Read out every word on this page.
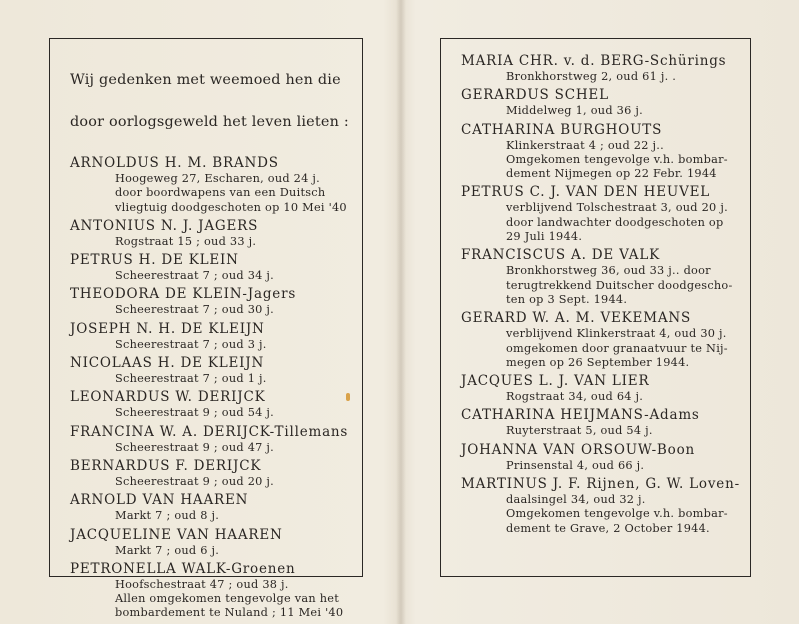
Wij gedenken met weemoed hen die

door oorlogsgeweld het leven lieten :

ARNOLDUS H. M. BRANDS
Hoogeweg 27, Escharen, oud 24 j.
door boordwapens van een Duitsch
vliegtuig doodgeschoten op 10 Mei '40
ANTONIUS N. J. JAGERS
Rogstraat 15 ; oud 33 j.
PETRUS H. DE KLEIN
Scheerestraat 7 ; oud 34 j.
THEODORA DE KLEIN-Jagers
Scheerestraat 7 ; oud 30 j.
JOSEPH N. H. DE KLEIJN
Scheerestraat 7 ; oud 3 j.
NICOLAAS H. DE KLEIJN
Scheerestraat 7 ; oud 1 j.
LEONARDUS W. DERIJCK
Scheerestraat 9 ; oud 54 j.
FRANCINA W. A. DERIJCK-Tillemans
Scheerestraat 9 ; oud 47 j.
BERNARDUS F. DERIJCK
Scheerestraat 9 ; oud 20 j.
ARNOLD VAN HAAREN
Markt 7 ; oud 8 j.
JACQUELINE VAN HAAREN
Markt 7 ; oud 6 j.
PETRONELLA WALK-Groenen
Hoofschestraat 47 ; oud 38 j.
Allen omgekomen tengevolge van het
bombardement te Nuland ; 11 Mei '40
MARIA CHR. v. d. BERG-Schürings
Bronkhorstweg 2, oud 61 j. .
GERARDUS SCHEL
Middelweg 1, oud 36 j.
CATHARINA BURGHOUTS
Klinkerstraat 4 ; oud 22 j..
Omgekomen tengevolge v.h. bombar-
dement Nijmegen op 22 Febr. 1944
PETRUS C. J. VAN DEN HEUVEL
verblijvend Tolschestraat 3, oud 20 j.
door landwachter doodgeschoten op
29 Juli 1944.
FRANCISCUS A. DE VALK
Bronkhorstweg 36, oud 33 j.. door
terugtrekkend Duitscher doodgescho-
ten op 3 Sept. 1944.
GERARD W. A. M. VEKEMANS
verblijvend Klinkerstraat 4, oud 30 j.
omgekomen door granaatvuur te Nij-
megen op 26 September 1944.
JACQUES L. J. VAN LIER
Rogstraat 34, oud 64 j.
CATHARINA HEIJMANS-Adams
Ruyterstraat 5, oud 54 j.
JOHANNA VAN ORSOUW-Boon
Prinsenstal 4, oud 66 j.
MARTINUS J. F. Rijnen, G. W. Loven-
daalsingel 34, oud 32 j.
Omgekomen tengevolge v.h. bombar-
dement te Grave, 2 October 1944.
